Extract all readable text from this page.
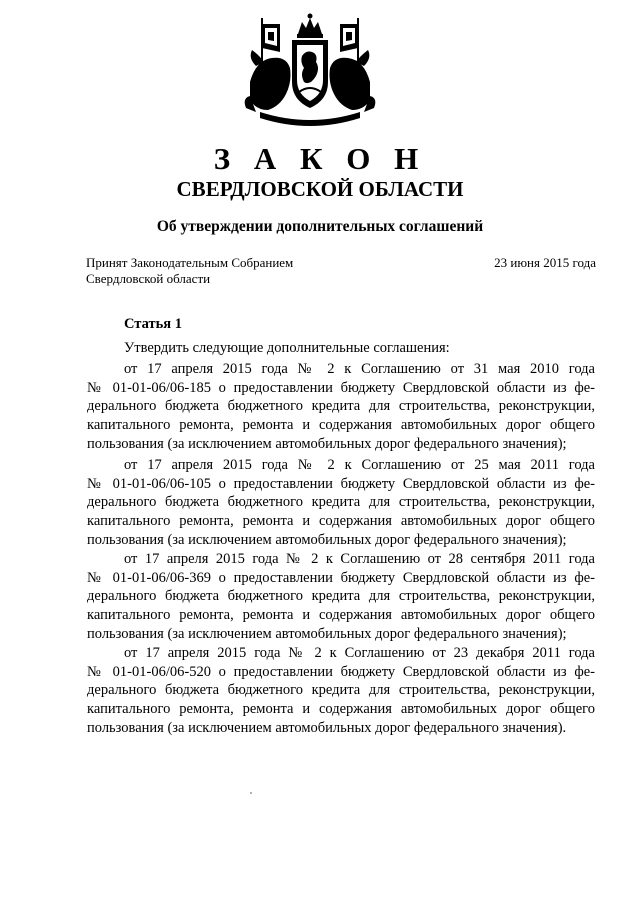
З А К О Н
СВЕРДЛОВСКОЙ ОБЛАСТИ
Об утверждении дополнительных соглашений
Принят Законодательным Собранием Свердловской области
23 июня 2015 года
Статья 1
Утвердить следующие дополнительные соглашения:
от 17 апреля 2015 года № 2 к Соглашению от 31 мая 2010 года
№ 01-01-06/06-185 о предоставлении бюджету Свердловской области из фе-
дерального бюджета бюджетного кредита для строительства, реконструкции,
капитального ремонта, ремонта и содержания автомобильных дорог общего
пользования (за исключением автомобильных дорог федерального значения);
от 17 апреля 2015 года № 2 к Соглашению от 25 мая 2011 года
№ 01-01-06/06-105 о предоставлении бюджету Свердловской области из фе-
дерального бюджета бюджетного кредита для строительства, реконструкции,
капитального ремонта, ремонта и содержания автомобильных дорог общего
пользования (за исключением автомобильных дорог федерального значения);
от 17 апреля 2015 года № 2 к Соглашению от 28 сентября 2011 года
№ 01-01-06/06-369 о предоставлении бюджету Свердловской области из фе-
дерального бюджета бюджетного кредита для строительства, реконструкции,
капитального ремонта, ремонта и содержания автомобильных дорог общего
пользования (за исключением автомобильных дорог федерального значения);
от 17 апреля 2015 года № 2 к Соглашению от 23 декабря 2011 года
№ 01-01-06/06-520 о предоставлении бюджету Свердловской области из фе-
дерального бюджета бюджетного кредита для строительства, реконструкции,
капитального ремонта, ремонта и содержания автомобильных дорог общего
пользования (за исключением автомобильных дорог федерального значения).
